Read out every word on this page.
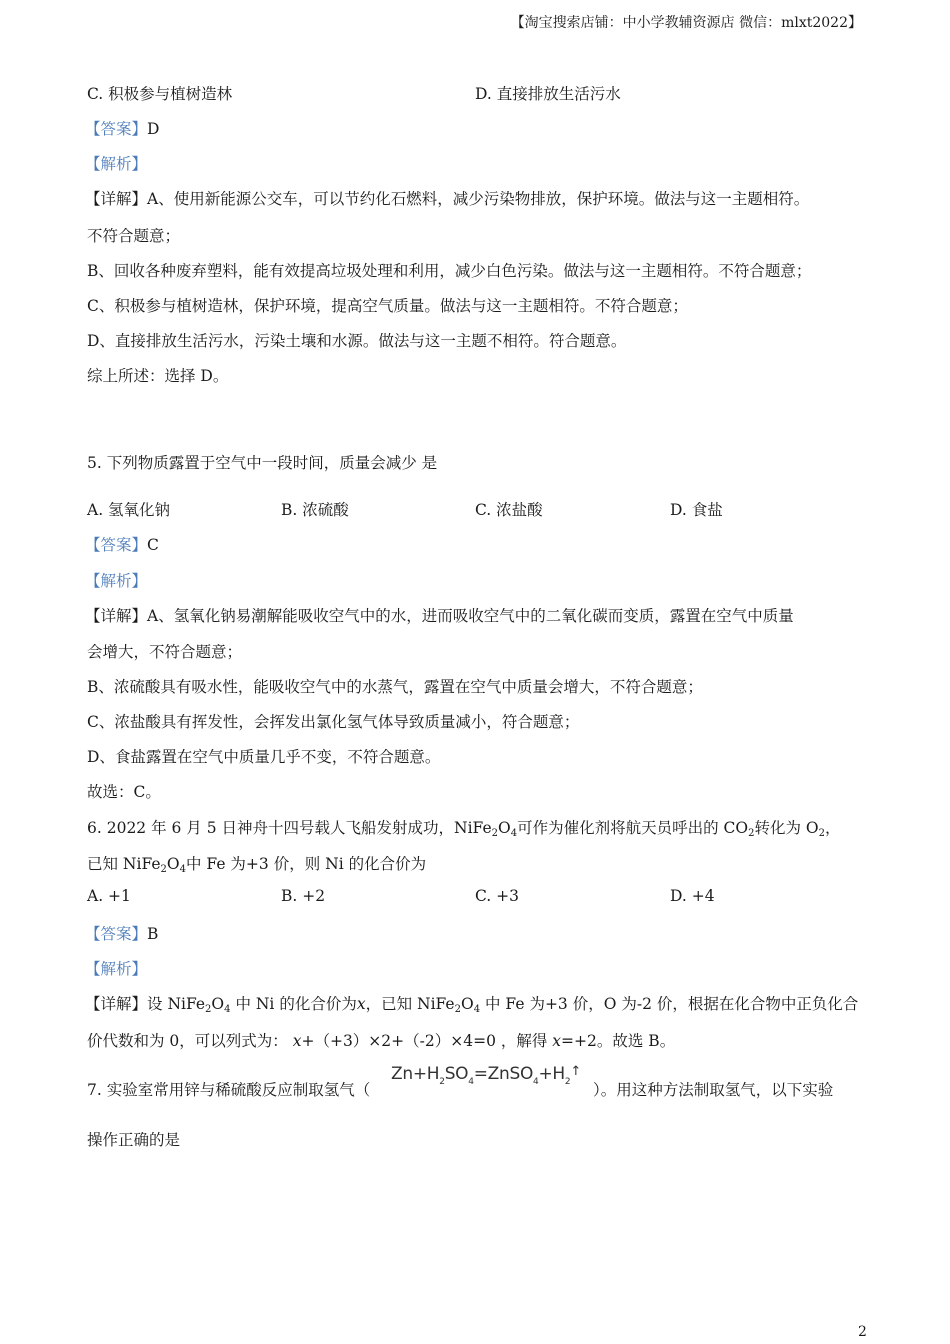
【淘宝搜索店铺：中小学教辅资源店 微信：mlxt2022】
C. 积极参与植树造林	D. 直接排放生活污水
【答案】D
【解析】
【详解】A、使用新能源公交车，可以节约化石燃料，减少污染物排放，保护环境。做法与这一主题相符。
不符合题意；
B、回收各种废弃塑料，能有效提高垃圾处理和利用，减少白色污染。做法与这一主题相符。不符合题意；
C、积极参与植树造林，保护环境，提高空气质量。做法与这一主题相符。不符合题意；
D、直接排放生活污水，污染土壤和水源。做法与这一主题不相符。符合题意。
综上所述：选择 D。
5. 下列物质露置于空气中一段时间，质量会减少 是
A. 氢氧化钠	B. 浓硫酸	C. 浓盐酸	D. 食盐
【答案】C
【解析】
【详解】A、氢氧化钠易潮解能吸收空气中的水，进而吸收空气中的二氧化碳而变质，露置在空气中质量
会增大，不符合题意；
B、浓硫酸具有吸水性，能吸收空气中的水蒸气，露置在空气中质量会增大，不符合题意；
C、浓盐酸具有挥发性，会挥发出氯化氢气体导致质量减小，符合题意；
D、食盐露置在空气中质量几乎不变，不符合题意。
故选：C。
6. 2022 年 6 月 5 日神舟十四号载人飞船发射成功，$NiFe_2O_4$可作为催化剂将航天员呼出的 $CO_2$转化为 $O_2$，
已知 $NiFe_2O_4$中 Fe 为+3 价，则 Ni 的化合价为
A. +1	B. +2	C. +3	D. +4
【答案】B
【解析】
【详解】设 $NiFe_2O_4$ 中 Ni 的化合价为x，已知 $NiFe_2O_4$ 中 Fe 为+3 价，O 为-2 价，根据在化合物中正负化合
价代数和为 0，可以列式为： x+（+3）×2+（-2）×4=0 ，解得 x=+2。故选 B。
7. 实验室常用锌与稀硫酸反应制取氢气（
$Zn+H_2SO_4=ZnSO_4+H_2^↑$
）。用这种方法制取氢气，以下实验
操作正确的是
2
